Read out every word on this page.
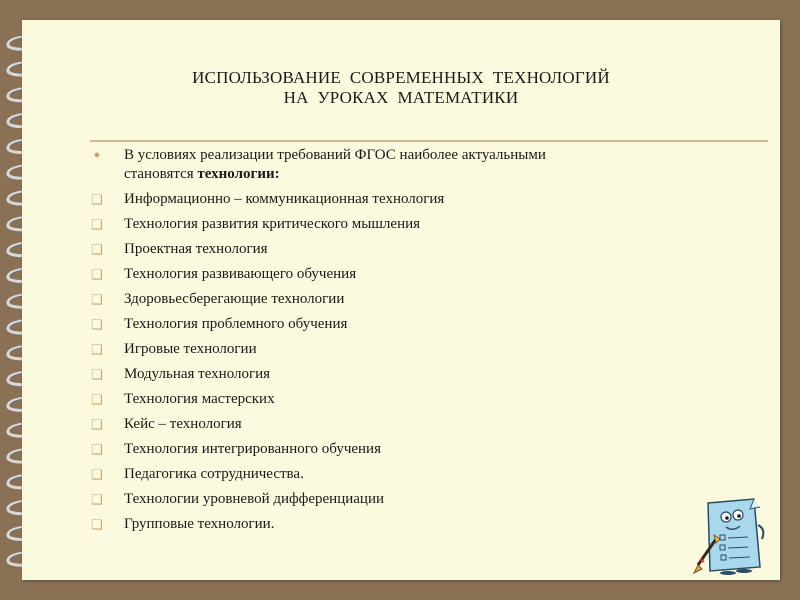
ИСПОЛЬЗОВАНИЕ  СОВРЕМЕННЫХ  ТЕХНОЛОГИЙ
НА  УРОКАХ  МАТЕМАТИКИ
● В условиях реализации требований ФГОС наиболее актуальными
становятся технологии:
❑ Информационно – коммуникационная технология
❑ Технология развития критического мышления
❑ Проектная технология
❑ Технология развивающего обучения
❑ Здоровьесберегающие технологии
❑ Технология проблемного обучения
❑ Игровые технологии
❑ Модульная технология
❑ Технология мастерских
❑ Кейс – технология
❑ Технология интегрированного обучения
❑ Педагогика сотрудничества.
❑ Технологии уровневой дифференциации
❑ Групповые технологии.
